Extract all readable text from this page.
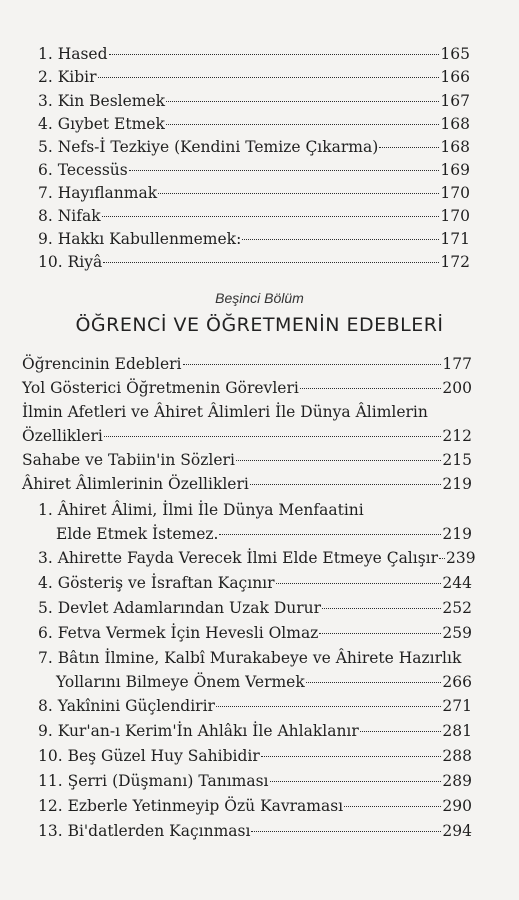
1. Hased	165
2. Kibir	166
3. Kin Beslemek	167
4. Gıybet Etmek	168
5. Nefs-İ Tezkiye (Kendini Temize Çıkarma)	168
6. Tecessüs	169
7. Hayıflanmak	170
8. Nifak	170
9. Hakkı Kabullenmemek:	171
10. Riyâ	172
Beşinci Bölüm
ÖĞRENCİ VE ÖĞRETMENİN EDEBLERİ
Öğrencinin Edebleri	177
Yol Gösterici Öğretmenin Görevleri	200
İlmin Afetleri ve Âhiret Âlimleri İle Dünya Âlimlerin
Özellikleri	212
Sahabe ve Tabiin'in Sözleri	215
Âhiret Âlimlerinin Özellikleri	219
1. Âhiret Âlimi, İlmi İle Dünya Menfaatini
Elde Etmek İstemez.	219
3. Ahirette Fayda Verecek İlmi Elde Etmeye Çalışır 239
4. Gösteriş ve İsraftan Kaçınır	244
5. Devlet Adamlarından Uzak Durur	252
6. Fetva Vermek İçin Hevesli Olmaz	259
7. Bâtın İlmine, Kalbî Murakabeye ve Âhirete Hazırlık
Yollarını Bilmeye Önem Vermek	266
8. Yakînini Güçlendirir	271
9. Kur'an-ı Kerim'İn Ahlâkı İle Ahlaklanır	281
10. Beş Güzel Huy Sahibidir	288
11. Şerri (Düşmanı) Tanıması	289
12. Ezberle Yetinmeyip Özü Kavraması	290
13. Bi'datlerden Kaçınması	294
